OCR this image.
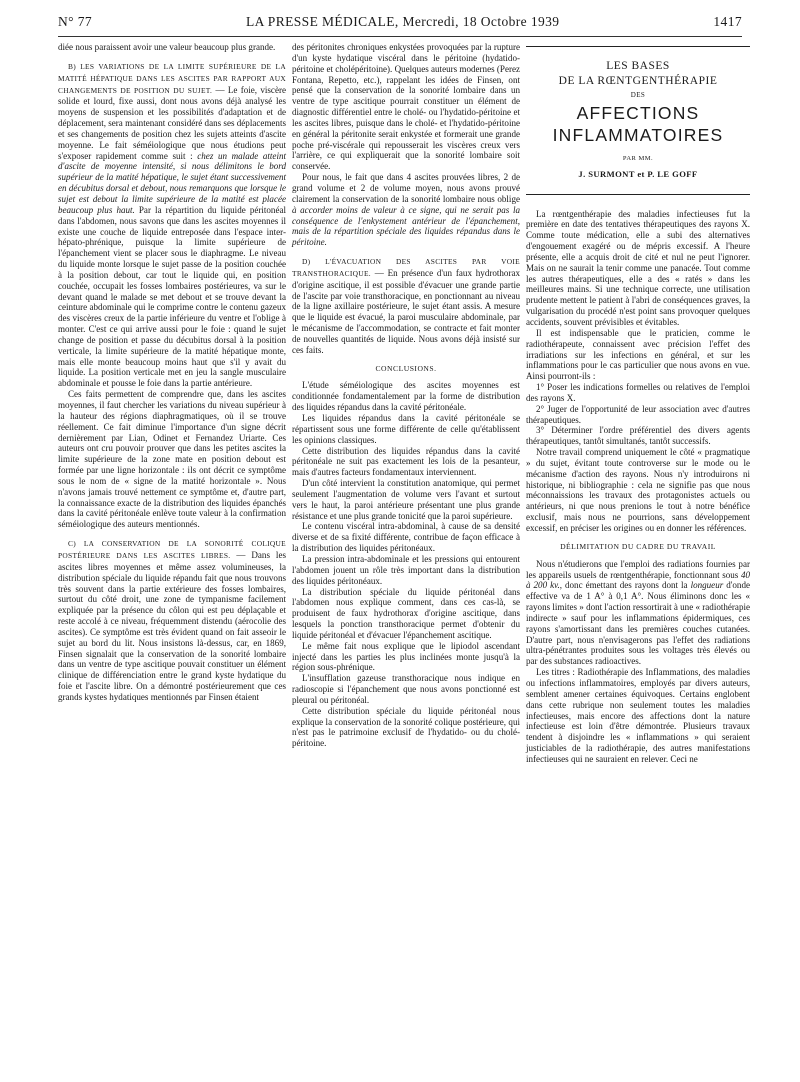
N° 77	LA PRESSE MÉDICALE, Mercredi, 18 Octobre 1939	1417

diée nous paraissent avoir une valeur beaucoup plus grande.

B) LES VARIATIONS DE LA LIMITE SUPÉRIEURE DE LA MATITÉ HÉPATIQUE DANS LES ASCITES PAR RAPPORT AUX CHANGEMENTS DE POSITION DU SUJET. — Le foie, viscère solide et lourd, fixe aussi, dont nous avons déjà analysé les moyens de suspension et les possibilités d'adaptation et de déplacement, sera maintenant considéré dans ses déplacements et ses changements de position chez les sujets atteints d'ascite moyenne. Le fait séméiologique que nous étudions peut s'exposer rapidement comme suit : chez un malade atteint d'ascite de moyenne intensité, si nous délimitons le bord supérieur de la matité hépatique, le sujet étant successivement en décubitus dorsal et debout, nous remarquons que lorsque le sujet est debout la limite supérieure de la matité est placée beaucoup plus haut. Par la répartition du liquide péritonéal dans l'abdomen, nous savons que dans les ascites moyennes il existe une couche de liquide entreposée dans l'espace inter-hépato-phrénique, puisque la limite supérieure de l'épanchement vient se placer sous le diaphragme. Le niveau du liquide monte lorsque le sujet passe de la position couchée à la position debout, car tout le liquide qui, en position couchée, occupait les fosses lombaires postérieures, va sur le devant quand le malade se met debout et se trouve devant la ceinture abdominale qui le comprime contre le contenu gazeux des viscères creux de la partie inférieure du ventre et l'oblige à monter. C'est ce qui arrive aussi pour le foie : quand le sujet change de position et passe du décubitus dorsal à la position verticale, la limite supérieure de la matité hépatique monte, mais elle monte beaucoup moins haut que s'il y avait du liquide. La position verticale met en jeu la sangle musculaire abdominale et pousse le foie dans la partie antérieure.

Ces faits permettent de comprendre que, dans les ascites moyennes, il faut chercher les variations du niveau supérieur à la hauteur des régions diaphragmatiques, où il se trouve réellement. Ce fait diminue l'importance d'un signe décrit dernièrement par Lian, Odinet et Fernandez Uriarte. Ces auteurs ont cru pouvoir prouver que dans les petites ascites la limite supérieure de la zone mate en position debout est formée par une ligne horizontale : ils ont décrit ce symptôme sous le nom de « signe de la matité horizontale ». Nous n'avons jamais trouvé nettement ce symptôme et, d'autre part, la connaissance exacte de la distribution des liquides épanchés dans la cavité péritonéale enlève toute valeur à la confirmation séméiologique des auteurs mentionnés.

C) LA CONSERVATION DE LA SONORITÉ COLIQUE POSTÉRIEURE DANS LES ASCITES LIBRES. — Dans les ascites libres moyennes et même assez volumineuses, la distribution spéciale du liquide répandu fait que nous trouvons très souvent dans la partie extérieure des fosses lombaires, surtout du côté droit, une zone de tympanisme facilement expliquée par la présence du côlon qui est peu déplaçable et reste accolé à ce niveau, fréquemment distendu (aérocolie des ascites). Ce symptôme est très évident quand on fait asseoir le sujet au bord du lit. Nous insistons là-dessus, car, en 1869, Finsen signalait que la conservation de la sonorité lombaire dans un ventre de type ascitique pouvait constituer un élément clinique de différenciation entre le grand kyste hydatique du foie et l'ascite libre. On a démontré postérieurement que ces grands kystes hydatiques mentionnés par Finsen étaient

des péritonites chroniques enkystées provoquées par la rupture d'un kyste hydatique viscéral dans le péritoine (hydatido-péritoine et cholépéritoine). Quelques auteurs modernes (Perez Fontana, Repetto, etc.), rappelant les idées de Finsen, ont pensé que la conservation de la sonorité lombaire dans un ventre de type ascitique pourrait constituer un élément de diagnostic différentiel entre le cholé- ou l'hydatido-péritoine et les ascites libres, puisque dans le cholé- et l'hydatido-péritoine en général la péritonite serait enkystée et formerait une grande poche pré-viscérale qui repousserait les viscères creux vers l'arrière, ce qui expliquerait que la sonorité lombaire soit conservée.

Pour nous, le fait que dans 4 ascites prouvées libres, 2 de grand volume et 2 de volume moyen, nous avons prouvé clairement la conservation de la sonorité lombaire nous oblige à accorder moins de valeur à ce signe, qui ne serait pas la conséquence de l'enkystement antérieur de l'épanchement, mais de la répartition spéciale des liquides répandus dans le péritoine.

D) L'ÉVACUATION DES ASCITES PAR VOIE TRANSTHORACIQUE. — En présence d'un faux hydrothorax d'origine ascitique, il est possible d'évacuer une grande partie de l'ascite par voie transthoracique, en ponctionnant au niveau de la ligne axillaire postérieure, le sujet étant assis. A mesure que le liquide est évacué, la paroi musculaire abdominale, par le mécanisme de l'accommodation, se contracte et fait monter de nouvelles quantités de liquide. Nous avons déjà insisté sur ces faits.

CONCLUSIONS.

L'étude séméiologique des ascites moyennes est conditionnée fondamentalement par la forme de distribution des liquides répandus dans la cavité péritonéale.

Les liquides répandus dans la cavité péritonéale se répartissent sous une forme différente de celle qu'établissent les opinions classiques.

Cette distribution des liquides répandus dans la cavité péritonéale ne suit pas exactement les lois de la pesanteur, mais d'autres facteurs fondamentaux interviennent.

D'un côté intervient la constitution anatomique, qui permet seulement l'augmentation de volume vers l'avant et surtout vers le haut, la paroi antérieure présentant une plus grande résistance et une plus grande tonicité que la paroi supérieure.

Le contenu viscéral intra-abdominal, à cause de sa densité diverse et de sa fixité différente, contribue de façon efficace à la distribution des liquides péritonéaux.

La pression intra-abdominale et les pressions qui entourent l'abdomen jouent un rôle très important dans la distribution des liquides péritonéaux.

La distribution spéciale du liquide péritonéal dans l'abdomen nous explique comment, dans ces cas-là, se produisent de faux hydrothorax d'origine ascitique, dans lesquels la ponction transthoracique permet d'obtenir du liquide péritonéal et d'évacuer l'épanchement ascitique.

Le même fait nous explique que le lipiodol ascendant injecté dans les parties les plus inclinées monte jusqu'à la région sous-phrénique.

L'insufflation gazeuse transthoracique nous indique en radioscopie si l'épanchement que nous avons ponctionné est pleural ou péritonéal.

Cette distribution spéciale du liquide péritonéal nous explique la conservation de la sonorité colique postérieure, qui n'est pas le patrimoine exclusif de l'hydatido- ou du cholé-péritoine.

LES BASES
DE LA RŒNTGENTHÉRAPIE
DES
AFFECTIONS
INFLAMMATOIRES
PAR MM.
J. SURMONT et P. LE GOFF

La rœntgenthérapie des maladies infectieuses fut la première en date des tentatives thérapeutiques des rayons X. Comme toute médication, elle a subi des alternatives d'engouement exagéré ou de mépris excessif. A l'heure présente, elle a acquis droit de cité et nul ne peut l'ignorer. Mais on ne saurait la tenir comme une panacée. Tout comme les autres thérapeutiques, elle a des « ratés » dans les meilleures mains. Si une technique correcte, une utilisation prudente mettent le patient à l'abri de conséquences graves, la vulgarisation du procédé n'est point sans provoquer quelques accidents, souvent prévisibles et évitables.

Il est indispensable que le praticien, comme le radiothérapeute, connaissent avec précision l'effet des irradiations sur les infections en général, et sur les inflammations pour le cas particulier que nous avons en vue. Ainsi pourront-ils :

1° Poser les indications formelles ou relatives de l'emploi des rayons X.

2° Juger de l'opportunité de leur association avec d'autres thérapeutiques.

3° Déterminer l'ordre préférentiel des divers agents thérapeutiques, tantôt simultanés, tantôt successifs.

Notre travail comprend uniquement le côté « pragmatique » du sujet, évitant toute controverse sur le mode ou le mécanisme d'action des rayons. Nous n'y introduirons ni historique, ni bibliographie : cela ne signifie pas que nous méconnaissions les travaux des protagonistes actuels ou antérieurs, ni que nous prenions le tout à notre bénéfice exclusif, mais nous ne pourrions, sans développement excessif, en préciser les origines ou en donner les références.

DÉLIMITATION DU CADRE DU TRAVAIL

Nous n'étudierons que l'emploi des radiations fournies par les appareils usuels de rœntgenthérapie, fonctionnant sous 40 à 200 kv., donc émettant des rayons dont la longueur d'onde effective va de 1 A° à 0,1 A°. Nous éliminons donc les « rayons limites » dont l'action ressortirait à une « radiothérapie indirecte » sauf pour les inflammations épidermiques, ces rayons s'amortissant dans les premières couches cutanées. D'autre part, nous n'envisagerons pas l'effet des radiations ultra-pénétrantes produites sous les voltages très élevés ou par des substances radioactives.

Les titres : Radiothérapie des Inflammations, des maladies ou infections inflammatoires, employés par divers auteurs, semblent amener certaines équivoques. Certains englobent dans cette rubrique non seulement toutes les maladies infectieuses, mais encore des affections dont la nature infectieuse est loin d'être démontrée. Plusieurs travaux tendent à disjoindre les « inflammations » qui seraient justiciables de la radiothérapie, des autres manifestations infectieuses qui ne sauraient en relever. Ceci ne
